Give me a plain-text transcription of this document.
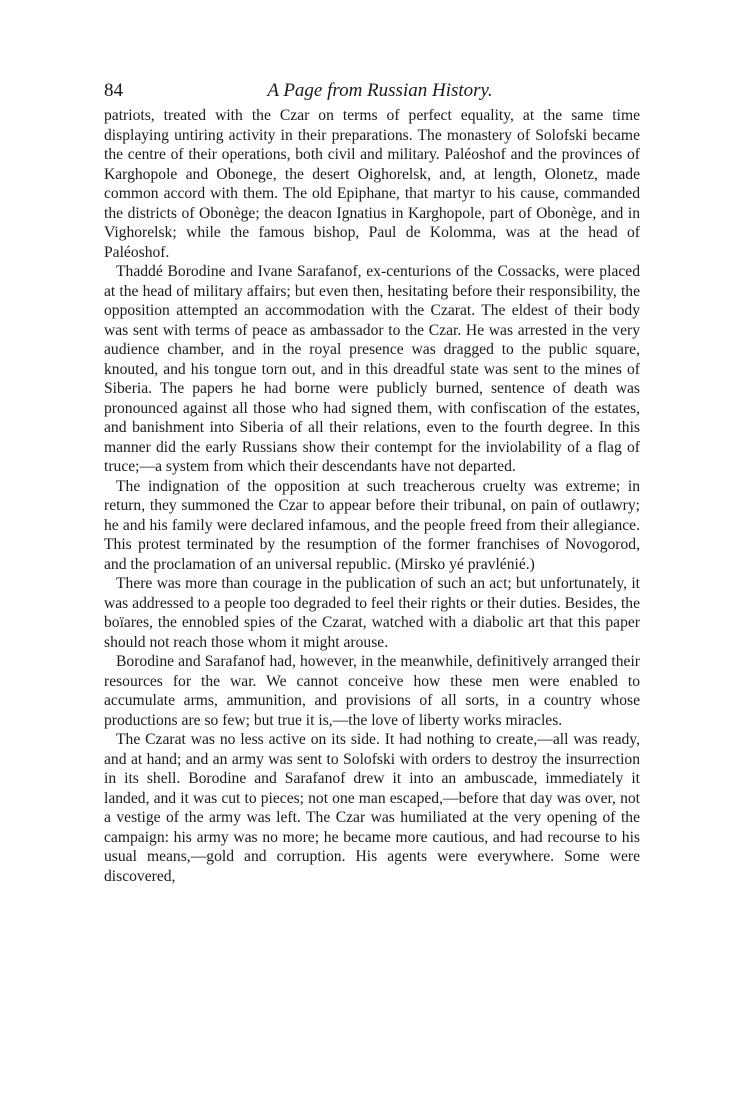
84	A Page from Russian History.

patriots, treated with the Czar on terms of perfect equality, at the same time displaying untiring activity in their preparations. The monastery of Solofski became the centre of their operations, both civil and military. Paléoshof and the provinces of Karghopole and Obonege, the desert Oighorelsk, and, at length, Olonetz, made common accord with them. The old Epiphane, that martyr to his cause, commanded the districts of Obonège; the deacon Ignatius in Karghopole, part of Obonège, and in Vighorelsk; while the famous bishop, Paul de Kolomma, was at the head of Paléoshof.

Thaddé Borodine and Ivane Sarafanof, ex-centurions of the Cossacks, were placed at the head of military affairs; but even then, hesitating before their responsibility, the opposition attempted an accommodation with the Czarat. The eldest of their body was sent with terms of peace as ambassador to the Czar. He was arrested in the very audience chamber, and in the royal presence was dragged to the public square, knouted, and his tongue torn out, and in this dreadful state was sent to the mines of Siberia. The papers he had borne were publicly burned, sentence of death was pronounced against all those who had signed them, with confiscation of the estates, and banishment into Siberia of all their relations, even to the fourth degree. In this manner did the early Russians show their contempt for the inviolability of a flag of truce;—a system from which their descendants have not departed.

The indignation of the opposition at such treacherous cruelty was extreme; in return, they summoned the Czar to appear before their tribunal, on pain of outlawry; he and his family were declared infamous, and the people freed from their allegiance. This protest terminated by the resumption of the former franchises of Novogorod, and the proclamation of an universal republic. (Mirsko yé pravlénié.)

There was more than courage in the publication of such an act; but unfortunately, it was addressed to a people too degraded to feel their rights or their duties. Besides, the boïares, the ennobled spies of the Czarat, watched with a diabolic art that this paper should not reach those whom it might arouse.

Borodine and Sarafanof had, however, in the meanwhile, definitively arranged their resources for the war. We cannot conceive how these men were enabled to accumulate arms, ammunition, and provisions of all sorts, in a country whose productions are so few; but true it is,—the love of liberty works miracles.

The Czarat was no less active on its side. It had nothing to create,—all was ready, and at hand; and an army was sent to Solofski with orders to destroy the insurrection in its shell. Borodine and Sarafanof drew it into an ambuscade, immediately it landed, and it was cut to pieces; not one man escaped,—before that day was over, not a vestige of the army was left. The Czar was humiliated at the very opening of the campaign: his army was no more; he became more cautious, and had recourse to his usual means,—gold and corruption. His agents were everywhere. Some were discovered,
